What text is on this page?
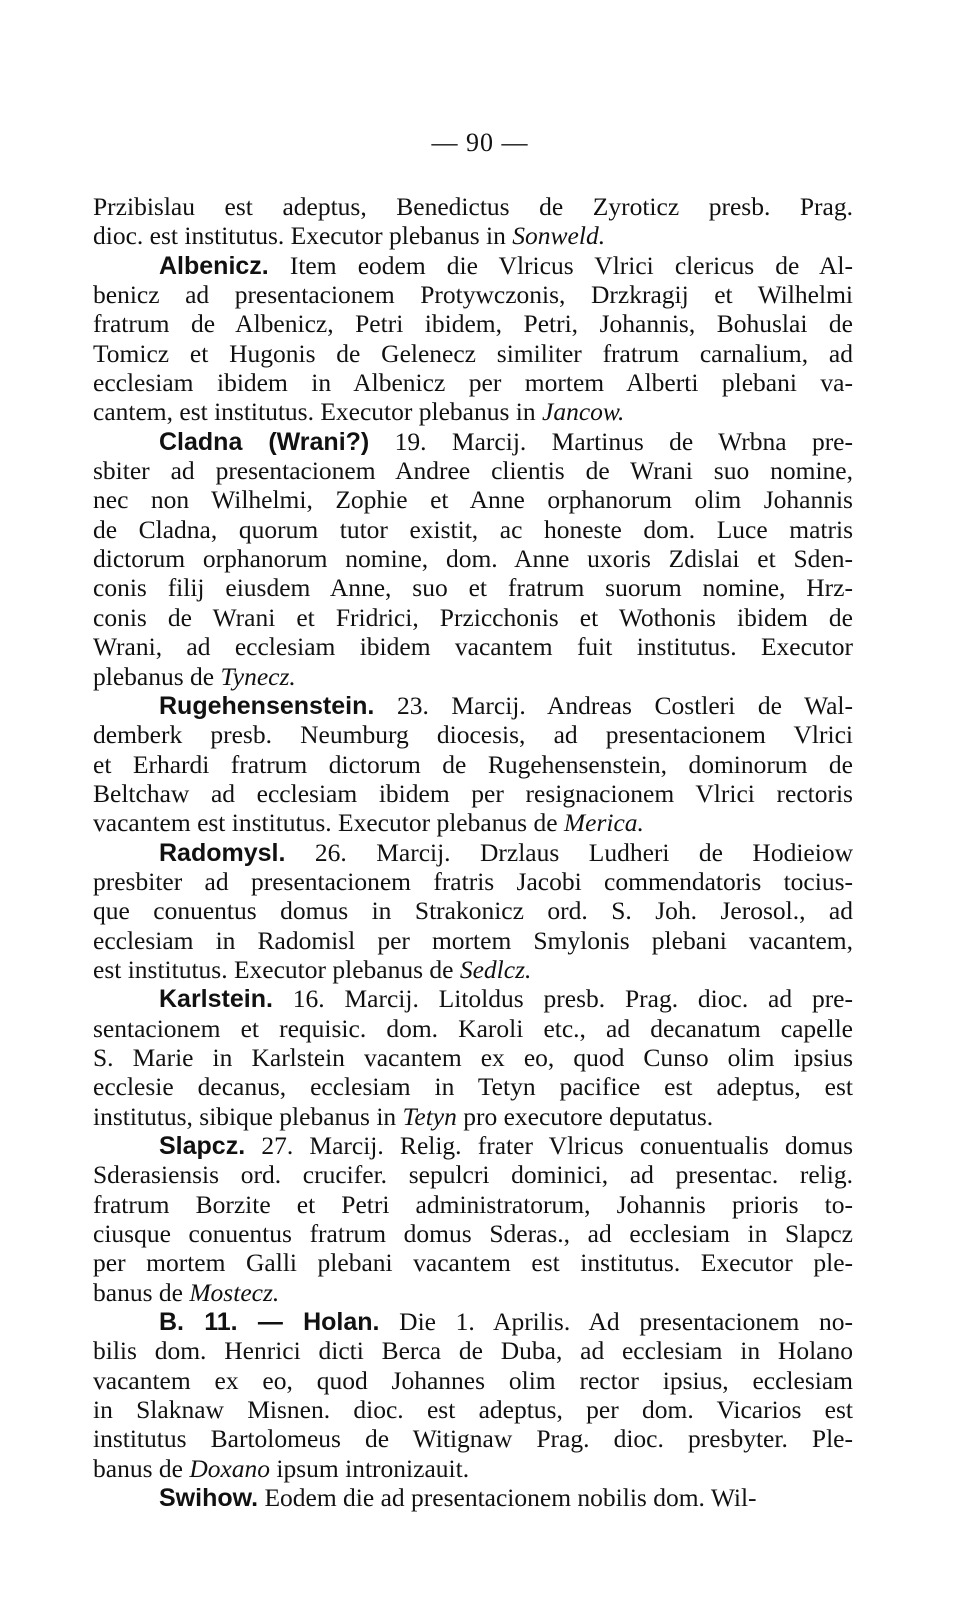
— 90 —
Przibislau est adeptus, Benedictus de Zyroticz presb. Prag.
dioc. est institutus. Executor plebanus in Sonweld.
Albenicz. Item eodem die Vlricus Vlrici clericus de Al-
benicz ad presentacionem Protywczonis, Drzkragij et Wilhelmi
fratrum de Albenicz, Petri ibidem, Petri, Johannis, Bohuslai de
Tomicz et Hugonis de Gelenecz similiter fratrum carnalium, ad
ecclesiam ibidem in Albenicz per mortem Alberti plebani va-
cantem, est institutus. Executor plebanus in Jancow.
Cladna (Wrani?) 19. Marcij. Martinus de Wrbna pre-
sbiter ad presentacionem Andree clientis de Wrani suo nomine,
nec non Wilhelmi, Zophie et Anne orphanorum olim Johannis
de Cladna, quorum tutor existit, ac honeste dom. Luce matris
dictorum orphanorum nomine, dom. Anne uxoris Zdislai et Sden-
conis filij eiusdem Anne, suo et fratrum suorum nomine, Hrz-
conis de Wrani et Fridrici, Przicchonis et Wothonis ibidem de
Wrani, ad ecclesiam ibidem vacantem fuit institutus. Executor
plebanus de Tynecz.
Rugehensenstein. 23. Marcij. Andreas Costleri de Wal-
demberk presb. Neumburg diocesis, ad presentacionem Vlrici
et Erhardi fratrum dictorum de Rugehensenstein, dominorum de
Beltchaw ad ecclesiam ibidem per resignacionem Vlrici rectoris
vacantem est institutus. Executor plebanus de Merica.
Radomysl. 26. Marcij. Drzlaus Ludheri de Hodieiow
presbiter ad presentacionem fratris Jacobi commendatoris tocius-
que conuentus domus in Strakonicz ord. S. Joh. Jerosol., ad
ecclesiam in Radomisl per mortem Smylonis plebani vacantem,
est institutus. Executor plebanus de Sedlcz.
Karlstein. 16. Marcij. Litoldus presb. Prag. dioc. ad pre-
sentacionem et requisic. dom. Karoli etc., ad decanatum capelle
S. Marie in Karlstein vacantem ex eo, quod Cunso olim ipsius
ecclesie decanus, ecclesiam in Tetyn pacifice est adeptus, est
institutus, sibique plebanus in Tetyn pro executore deputatus.
Slapcz. 27. Marcij. Relig. frater Vlricus conuentualis domus
Sderasiensis ord. crucifer. sepulcri dominici, ad presentac. relig.
fratrum Borzite et Petri administratorum, Johannis prioris to-
ciusque conuentus fratrum domus Sderas., ad ecclesiam in Slapcz
per mortem Galli plebani vacantem est institutus. Executor ple-
banus de Mostecz.
B. 11. — Holan. Die 1. Aprilis. Ad presentacionem no-
bilis dom. Henrici dicti Berca de Duba, ad ecclesiam in Holano
vacantem ex eo, quod Johannes olim rector ipsius, ecclesiam
in Slaknaw Misnen. dioc. est adeptus, per dom. Vicarios est
institutus Bartolomeus de Witignaw Prag. dioc. presbyter. Ple-
banus de Doxano ipsum intronizauit.
Swihow. Eodem die ad presentacionem nobilis dom. Wil-
